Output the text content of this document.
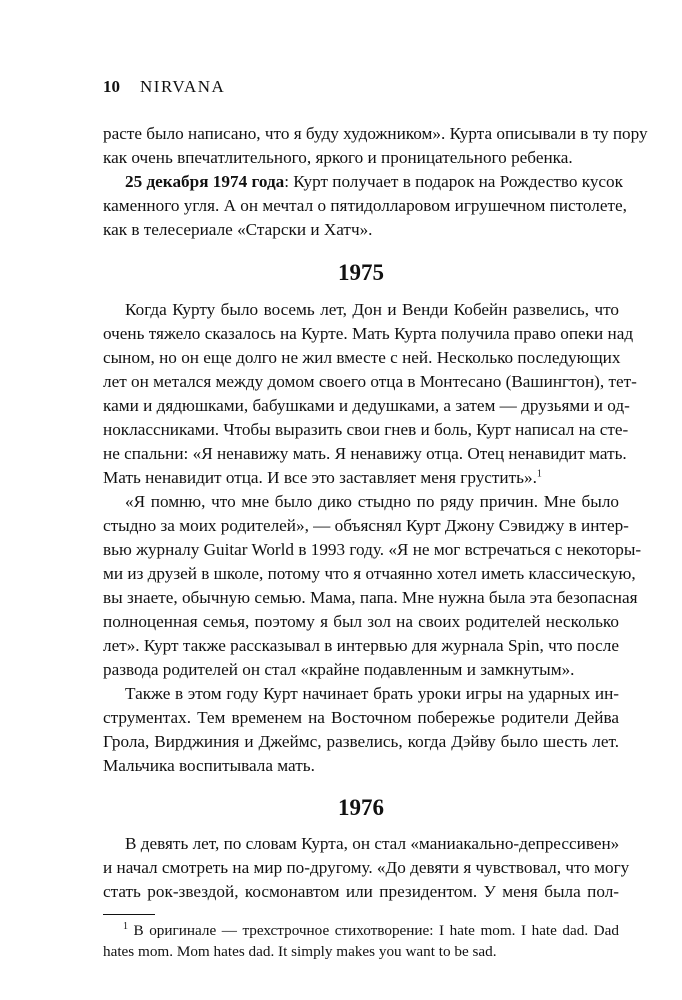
10 NIRVANA
расте было написано, что я буду художником». Курта описывали в ту пору
как очень впечатлительного, яркого и проницательного ребенка.
25 декабря 1974 года: Курт получает в подарок на Рождество кусок
каменного угля. А он мечтал о пятидолларовом игрушечном пистолете,
как в телесериале «Старски и Хатч».
1975
Когда Курту было восемь лет, Дон и Венди Кобейн развелись, что
очень тяжело сказалось на Курте. Мать Курта получила право опеки над
сыном, но он еще долго не жил вместе с ней. Несколько последующих
лет он метался между домом своего отца в Монтесано (Вашингтон), тет-
ками и дядюшками, бабушками и дедушками, а затем — друзьями и од-
ноклассниками. Чтобы выразить свои гнев и боль, Курт написал на сте-
не спальни: «Я ненавижу мать. Я ненавижу отца. Отец ненавидит мать.
Мать ненавидит отца. И все это заставляет меня грустить».$^1$
«Я помню, что мне было дико стыдно по ряду причин. Мне было
стыдно за моих родителей», — объяснял Курт Джону Сэвиджу в интер-
вью журналу Guitar World в 1993 году. «Я не мог встречаться с некоторы-
ми из друзей в школе, потому что я отчаянно хотел иметь классическую,
вы знаете, обычную семью. Мама, папа. Мне нужна была эта безопасная
полноценная семья, поэтому я был зол на своих родителей несколько
лет». Курт также рассказывал в интервью для журнала Spin, что после
развода родителей он стал «крайне подавленным и замкнутым».
Также в этом году Курт начинает брать уроки игры на ударных ин-
струментах. Тем временем на Восточном побережье родители Дейва
Грола, Вирджиния и Джеймс, развелись, когда Дэйву было шесть лет.
Мальчика воспитывала мать.
1976
В девять лет, по словам Курта, он стал «маниакально-депрессивен»
и начал смотреть на мир по-другому. «До девяти я чувствовал, что могу
стать рок-звездой, космонавтом или президентом. У меня была пол-
$^1$ В оригинале — трехстрочное стихотворение: I hate mom. I hate dad. Dad
hates mom. Mom hates dad. It simply makes you want to be sad.
